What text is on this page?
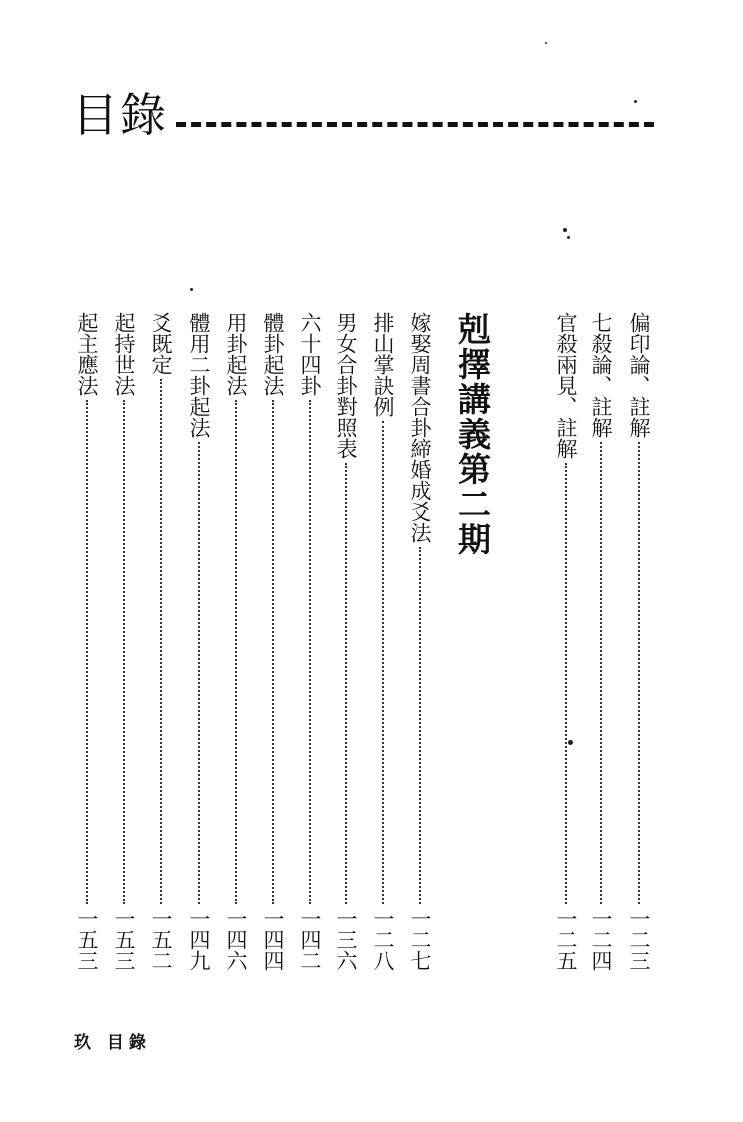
目錄
偏印論、註解
一二三
七殺論、註解
一二四
官殺兩見、註解
一二五
剋擇講義第二期
嫁娶周書合卦締婚成爻法
一二七
排山掌訣例
一二八
男女合卦對照表
一三六
六十四卦
一四二
體卦起法
一四四
用卦起法
一四六
體用二卦起法
一四九
爻既定
一五二
起持世法
一五三
起主應法
一五三
玖 目錄
